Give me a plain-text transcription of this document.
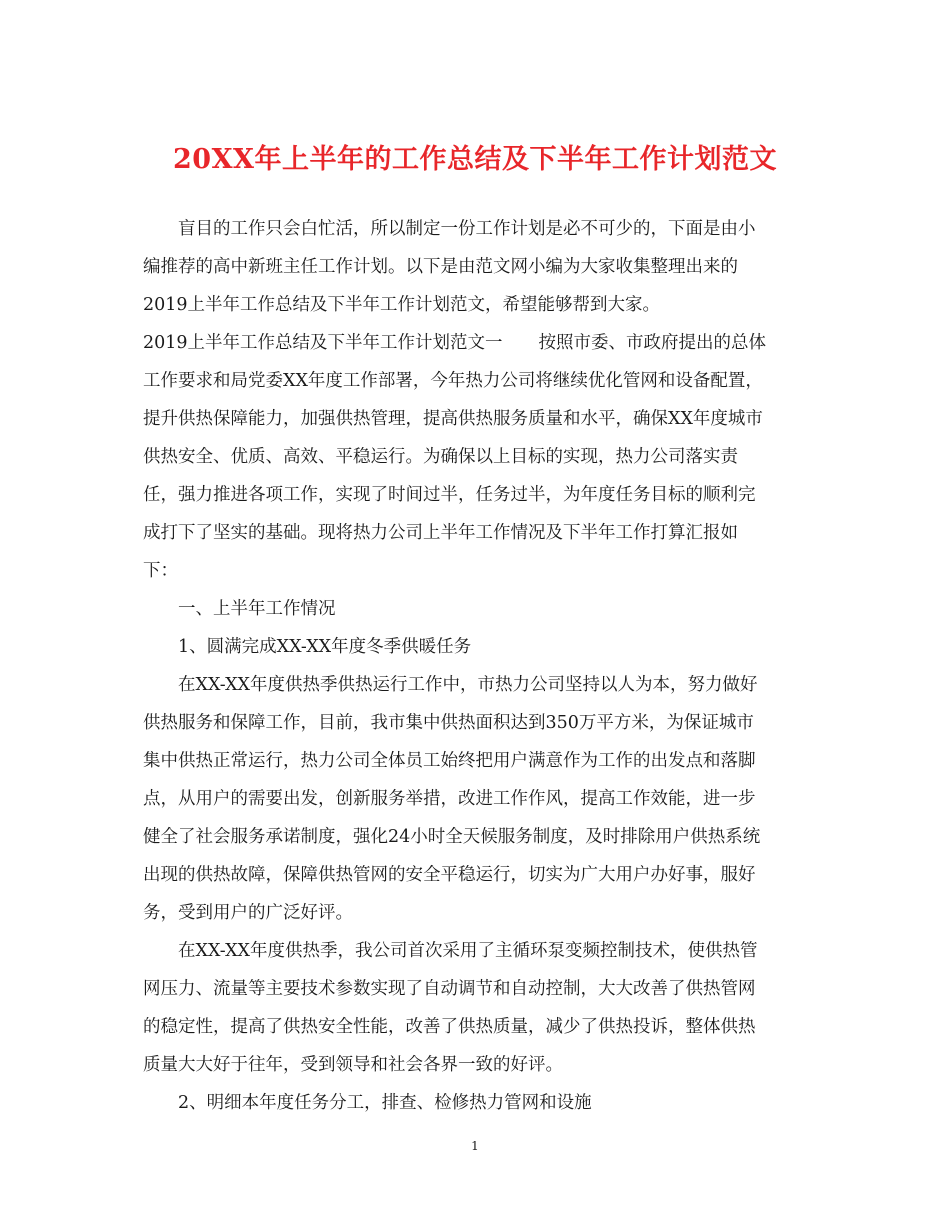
20XX年上半年的工作总结及下半年工作计划范文
盲目的工作只会白忙活，所以制定一份工作计划是必不可少的，下面是由小
编推荐的高中新班主任工作计划。以下是由范文网小编为大家收集整理出来的
2019上半年工作总结及下半年工作计划范文，希望能够帮到大家。
2019上半年工作总结及下半年工作计划范文一 按照市委、市政府提出的总体
工作要求和局党委XX年度工作部署，今年热力公司将继续优化管网和设备配置，
提升供热保障能力，加强供热管理，提高供热服务质量和水平，确保XX年度城市
供热安全、优质、高效、平稳运行。为确保以上目标的实现，热力公司落实责
任，强力推进各项工作，实现了时间过半，任务过半，为年度任务目标的顺利完
成打下了坚实的基础。现将热力公司上半年工作情况及下半年工作打算汇报如
下：
一、上半年工作情况
1、圆满完成XX-XX年度冬季供暖任务
在XX-XX年度供热季供热运行工作中，市热力公司坚持以人为本，努力做好
供热服务和保障工作，目前，我市集中供热面积达到350万平方米，为保证城市
集中供热正常运行，热力公司全体员工始终把用户满意作为工作的出发点和落脚
点，从用户的需要出发，创新服务举措，改进工作作风，提高工作效能，进一步
健全了社会服务承诺制度，强化24小时全天候服务制度，及时排除用户供热系统
出现的供热故障，保障供热管网的安全平稳运行，切实为广大用户办好事，服好
务，受到用户的广泛好评。
在XX-XX年度供热季，我公司首次采用了主循环泵变频控制技术，使供热管
网压力、流量等主要技术参数实现了自动调节和自动控制，大大改善了供热管网
的稳定性，提高了供热安全性能，改善了供热质量，减少了供热投诉，整体供热
质量大大好于往年，受到领导和社会各界一致的好评。
2、明细本年度任务分工，排查、检修热力管网和设施
1
